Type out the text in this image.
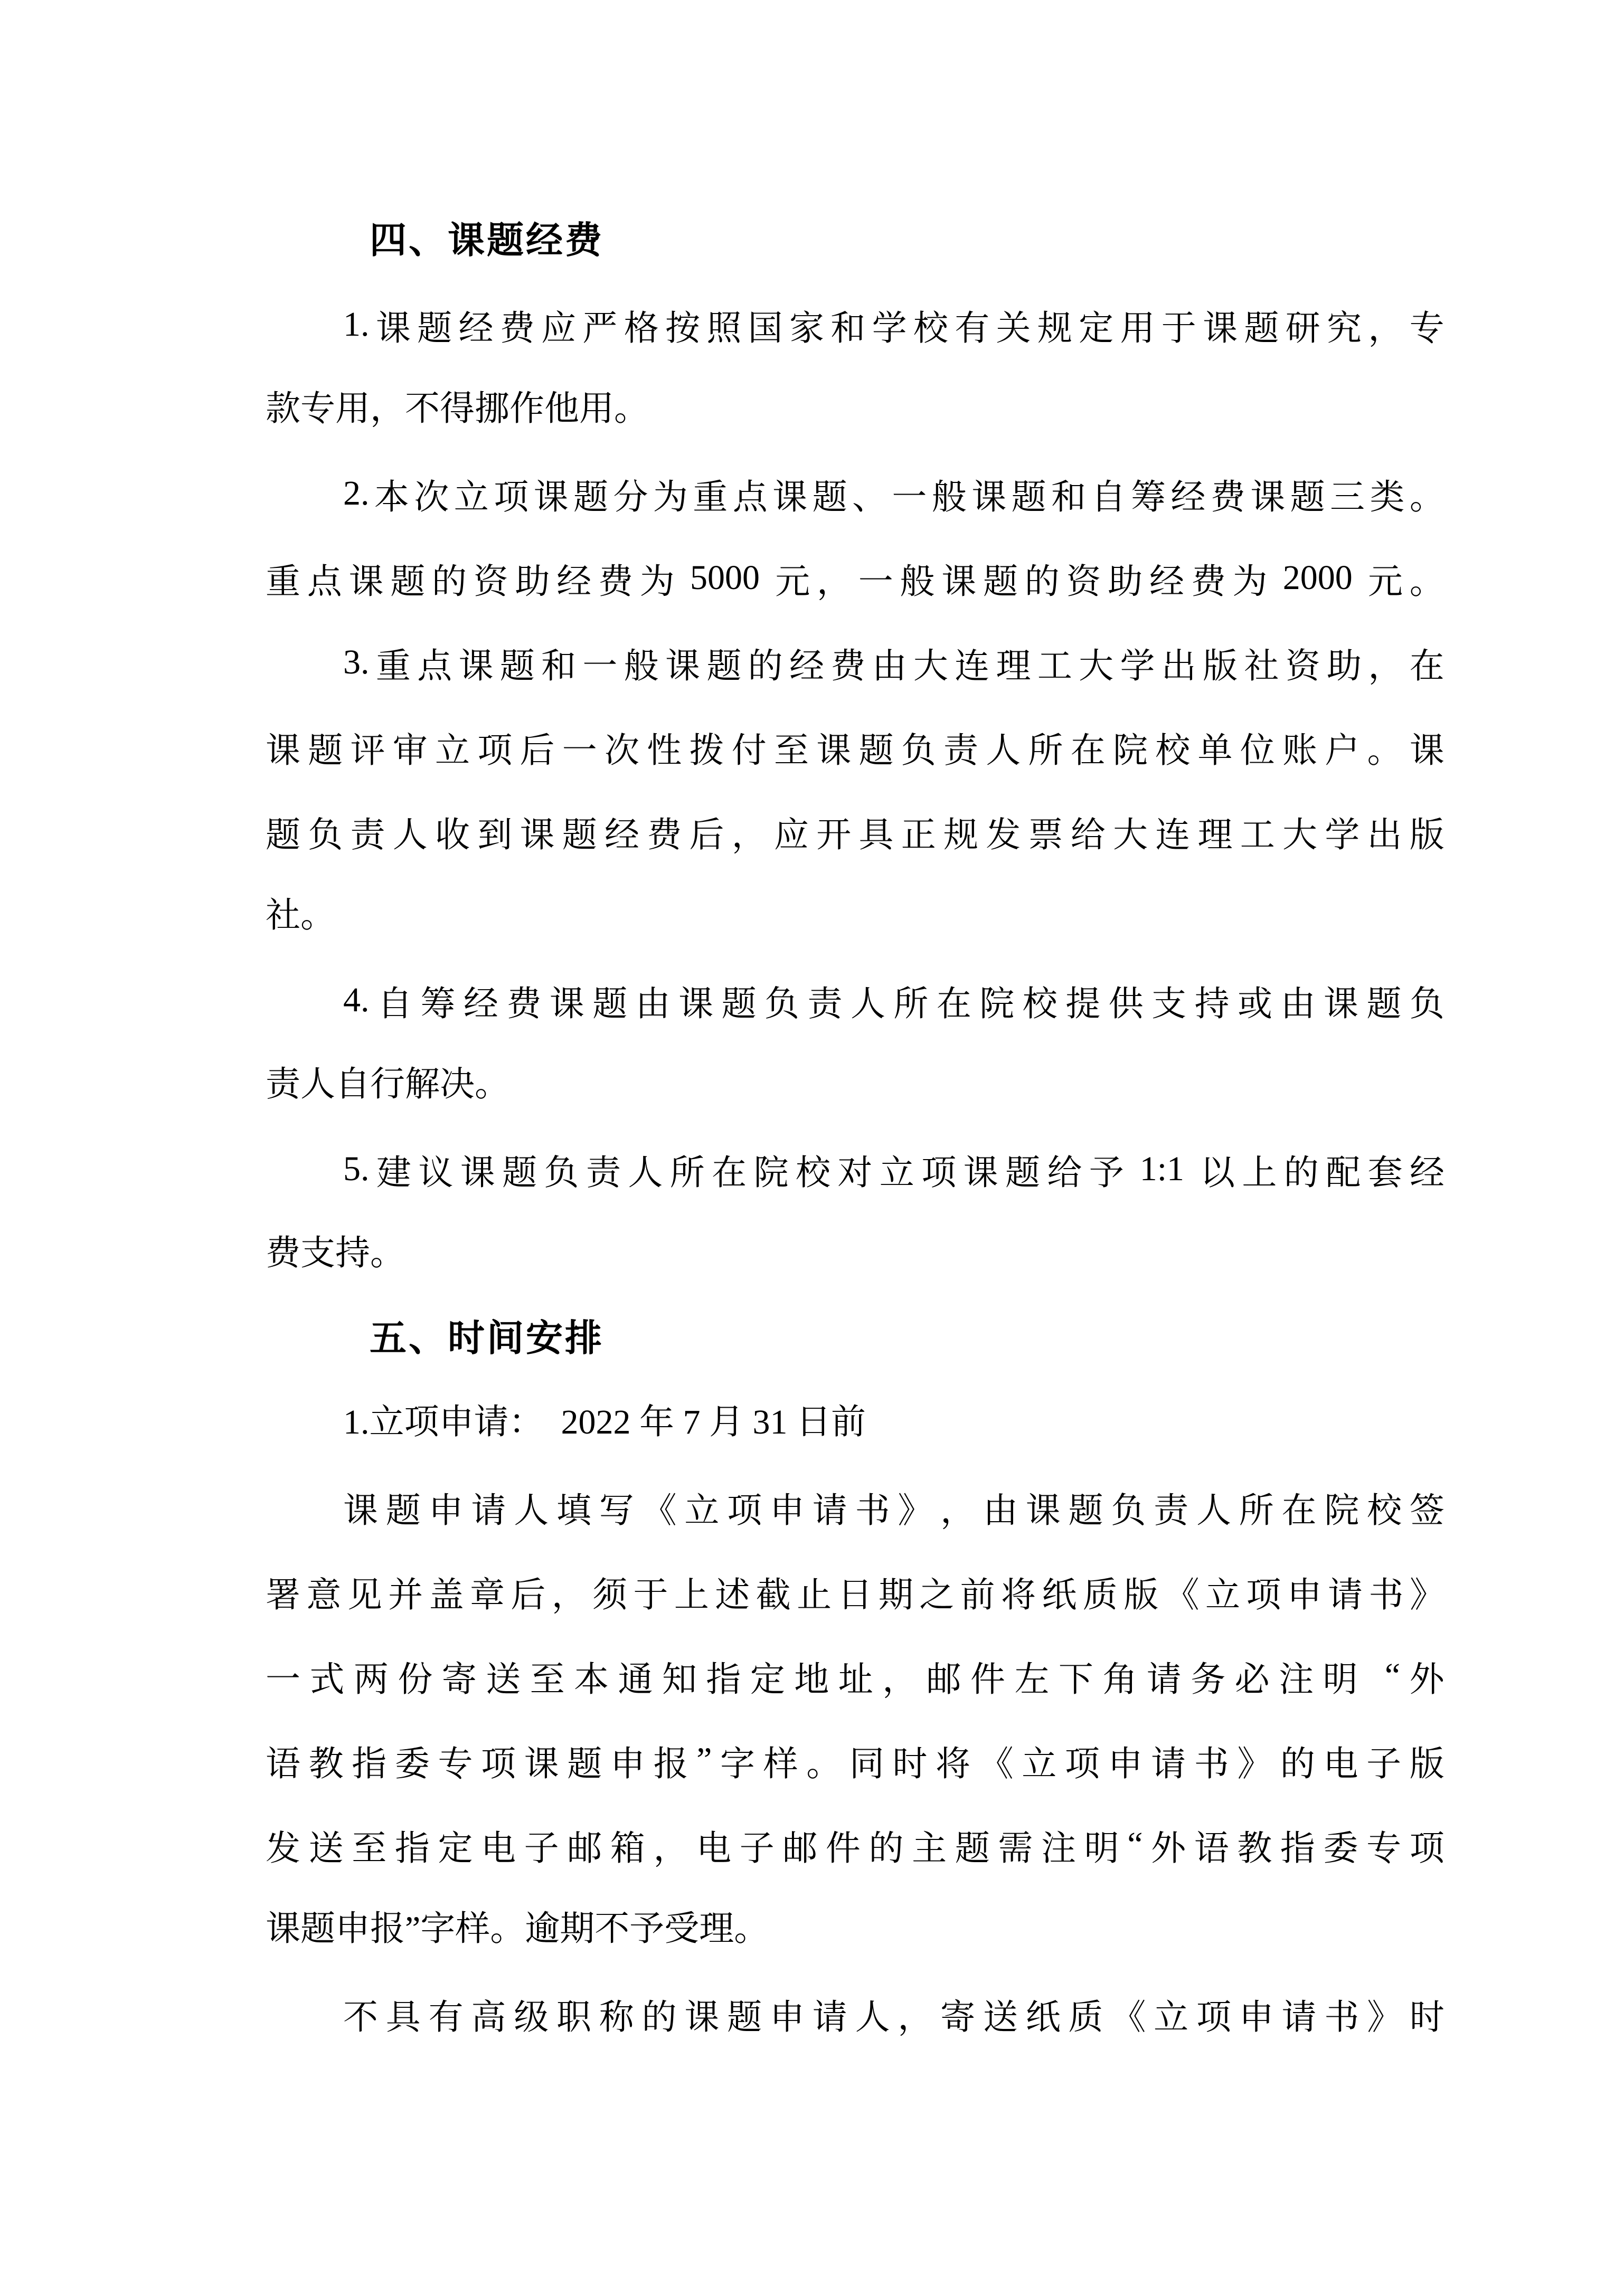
四、课题经费
1. 课 题 经 费 应 严 格 按 照 国 家 和 学 校 有 关 规 定 用 于 课 题 研 究 ， 专
款专用，不得挪作他用。
2. 本 次 立 项 课 题 分 为 重 点 课 题 、 一 般 课 题 和 自 筹 经 费 课 题 三 类 。
重 点 课 题 的 资 助 经 费 为 5000 元 ， 一 般 课 题 的 资 助 经 费 为 2000 元 。
3. 重 点 课 题 和 一 般 课 题 的 经 费 由 大 连 理 工 大 学 出 版 社 资 助 ， 在
课 题 评 审 立 项 后 一 次 性 拨 付 至 课 题 负 责 人 所 在 院 校 单 位 账 户 。 课
题 负 责 人 收 到 课 题 经 费 后 ， 应 开 具 正 规 发 票 给 大 连 理 工 大 学 出 版
社。
4. 自 筹 经 费 课 题 由 课 题 负 责 人 所 在 院 校 提 供 支 持 或 由 课 题 负
责人自行解决。
5. 建 议 课 题 负 责 人 所 在 院 校 对 立 项 课 题 给 予 1:1 以 上 的 配 套 经
费支持。
五、时间安排
1.立项申请：  2022 年 7 月 31 日前
课 题 申 请 人 填 写 《 立 项 申 请 书 》 ， 由 课 题 负 责 人 所 在 院 校 签
署 意 见 并 盖 章 后 ， 须 于 上 述 截 止 日 期 之 前 将 纸 质 版 《 立 项 申 请 书 》
一 式 两 份 寄 送 至 本 通 知 指 定 地 址 ， 邮 件 左 下 角 请 务 必 注 明
“ 外
语 教 指 委 专 项 课 题 申 报 ” 字 样 。 同 时 将 《 立 项 申 请 书 》 的 电 子 版
发 送 至 指 定 电 子 邮 箱 ， 电 子 邮 件 的 主 题 需 注 明 “ 外 语 教 指 委 专 项
课题申报”字样。逾期不予受理。
不 具 有 高 级 职 称 的 课 题 申 请 人 ， 寄 送 纸 质 《 立 项 申 请 书 》 时
